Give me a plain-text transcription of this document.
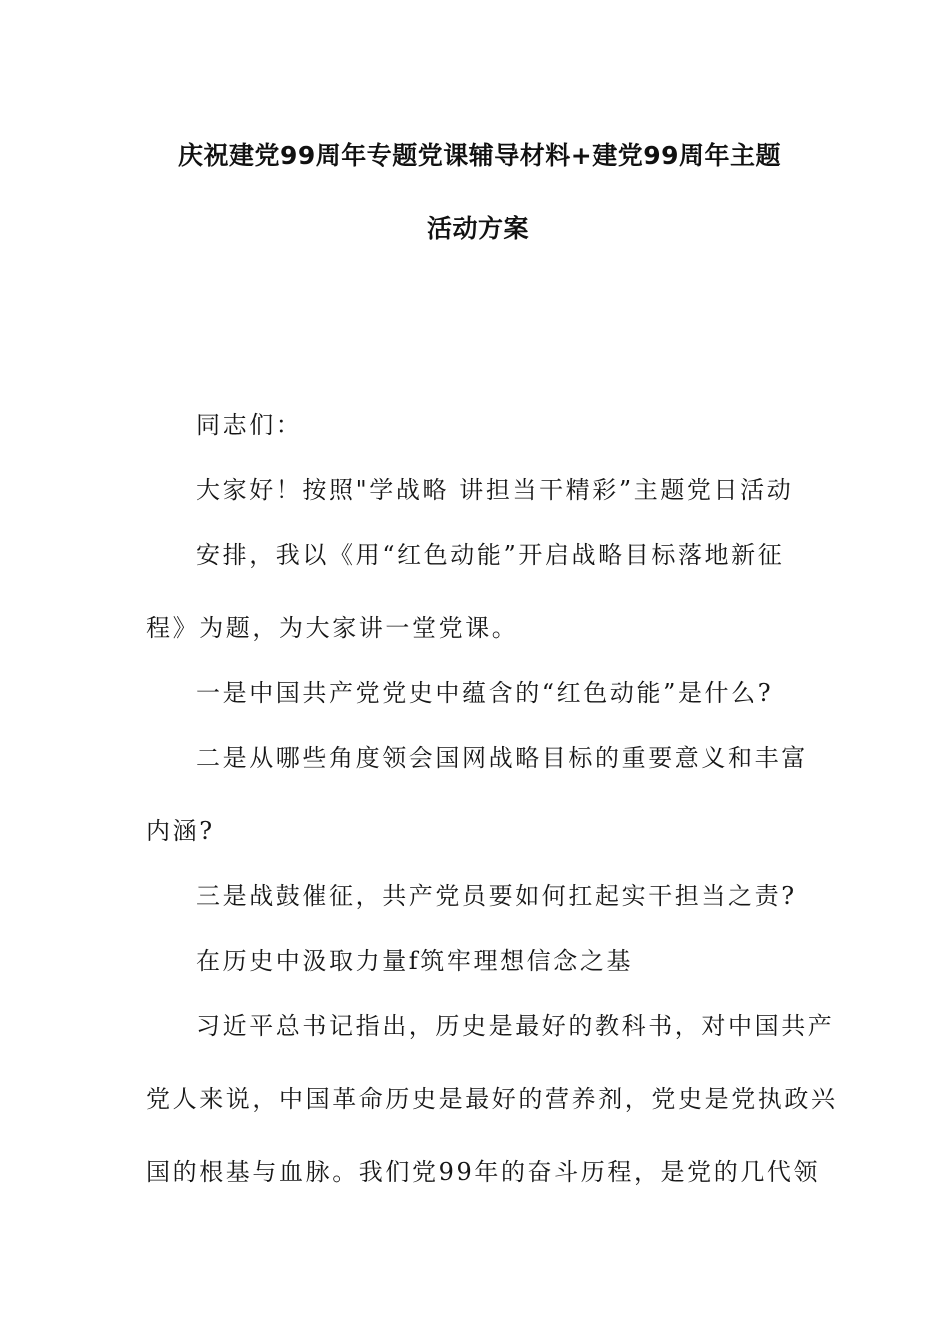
庆祝建党99周年专题党课辅导材料+建党99周年主题
活动方案
同志们：
大家好！按照"学战略 讲担当干精彩”主题党日活动
安排，我以《用“红色动能”开启战略目标落地新征
程》为题，为大家讲一堂党课。
一是中国共产党党史中蕴含的“红色动能”是什么?
二是从哪些角度领会国网战略目标的重要意义和丰富
内涵?
三是战鼓催征，共产党员要如何扛起实干担当之责?
在历史中汲取力量f筑牢理想信念之基
习近平总书记指出，历史是最好的教科书，对中国共产
党人来说，中国革命历史是最好的营养剂，党史是党执政兴
国的根基与血脉。我们党99年的奋斗历程，是党的几代领
